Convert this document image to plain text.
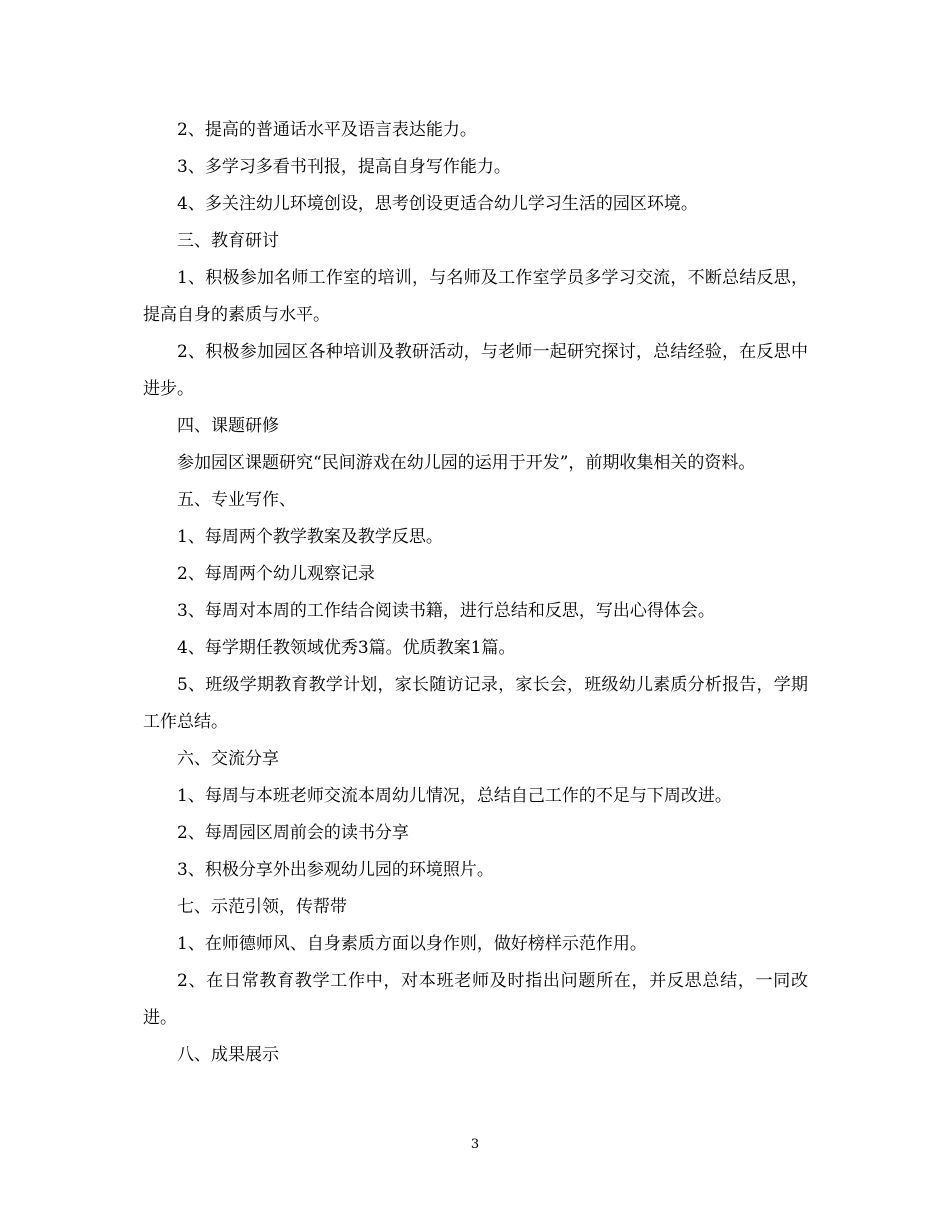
2、提高的普通话水平及语言表达能力。

3、多学习多看书刊报，提高自身写作能力。

4、多关注幼儿环境创设，思考创设更适合幼儿学习生活的园区环境。

三、教育研讨

1、积极参加名师工作室的培训，与名师及工作室学员多学习交流，不断总结反思，提高自身的素质与水平。

2、积极参加园区各种培训及教研活动，与老师一起研究探讨，总结经验，在反思中进步。

四、课题研修

参加园区课题研究“民间游戏在幼儿园的运用于开发”，前期收集相关的资料。

五、专业写作、

1、每周两个教学教案及教学反思。

2、每周两个幼儿观察记录

3、每周对本周的工作结合阅读书籍，进行总结和反思，写出心得体会。

4、每学期任教领域优秀3篇。优质教案1篇。

5、班级学期教育教学计划，家长随访记录，家长会，班级幼儿素质分析报告，学期工作总结。

六、交流分享

1、每周与本班老师交流本周幼儿情况，总结自己工作的不足与下周改进。

2、每周园区周前会的读书分享

3、积极分享外出参观幼儿园的环境照片。

七、示范引领，传帮带

1、在师德师风、自身素质方面以身作则，做好榜样示范作用。

2、在日常教育教学工作中，对本班老师及时指出问题所在，并反思总结，一同改进。

八、成果展示

3
